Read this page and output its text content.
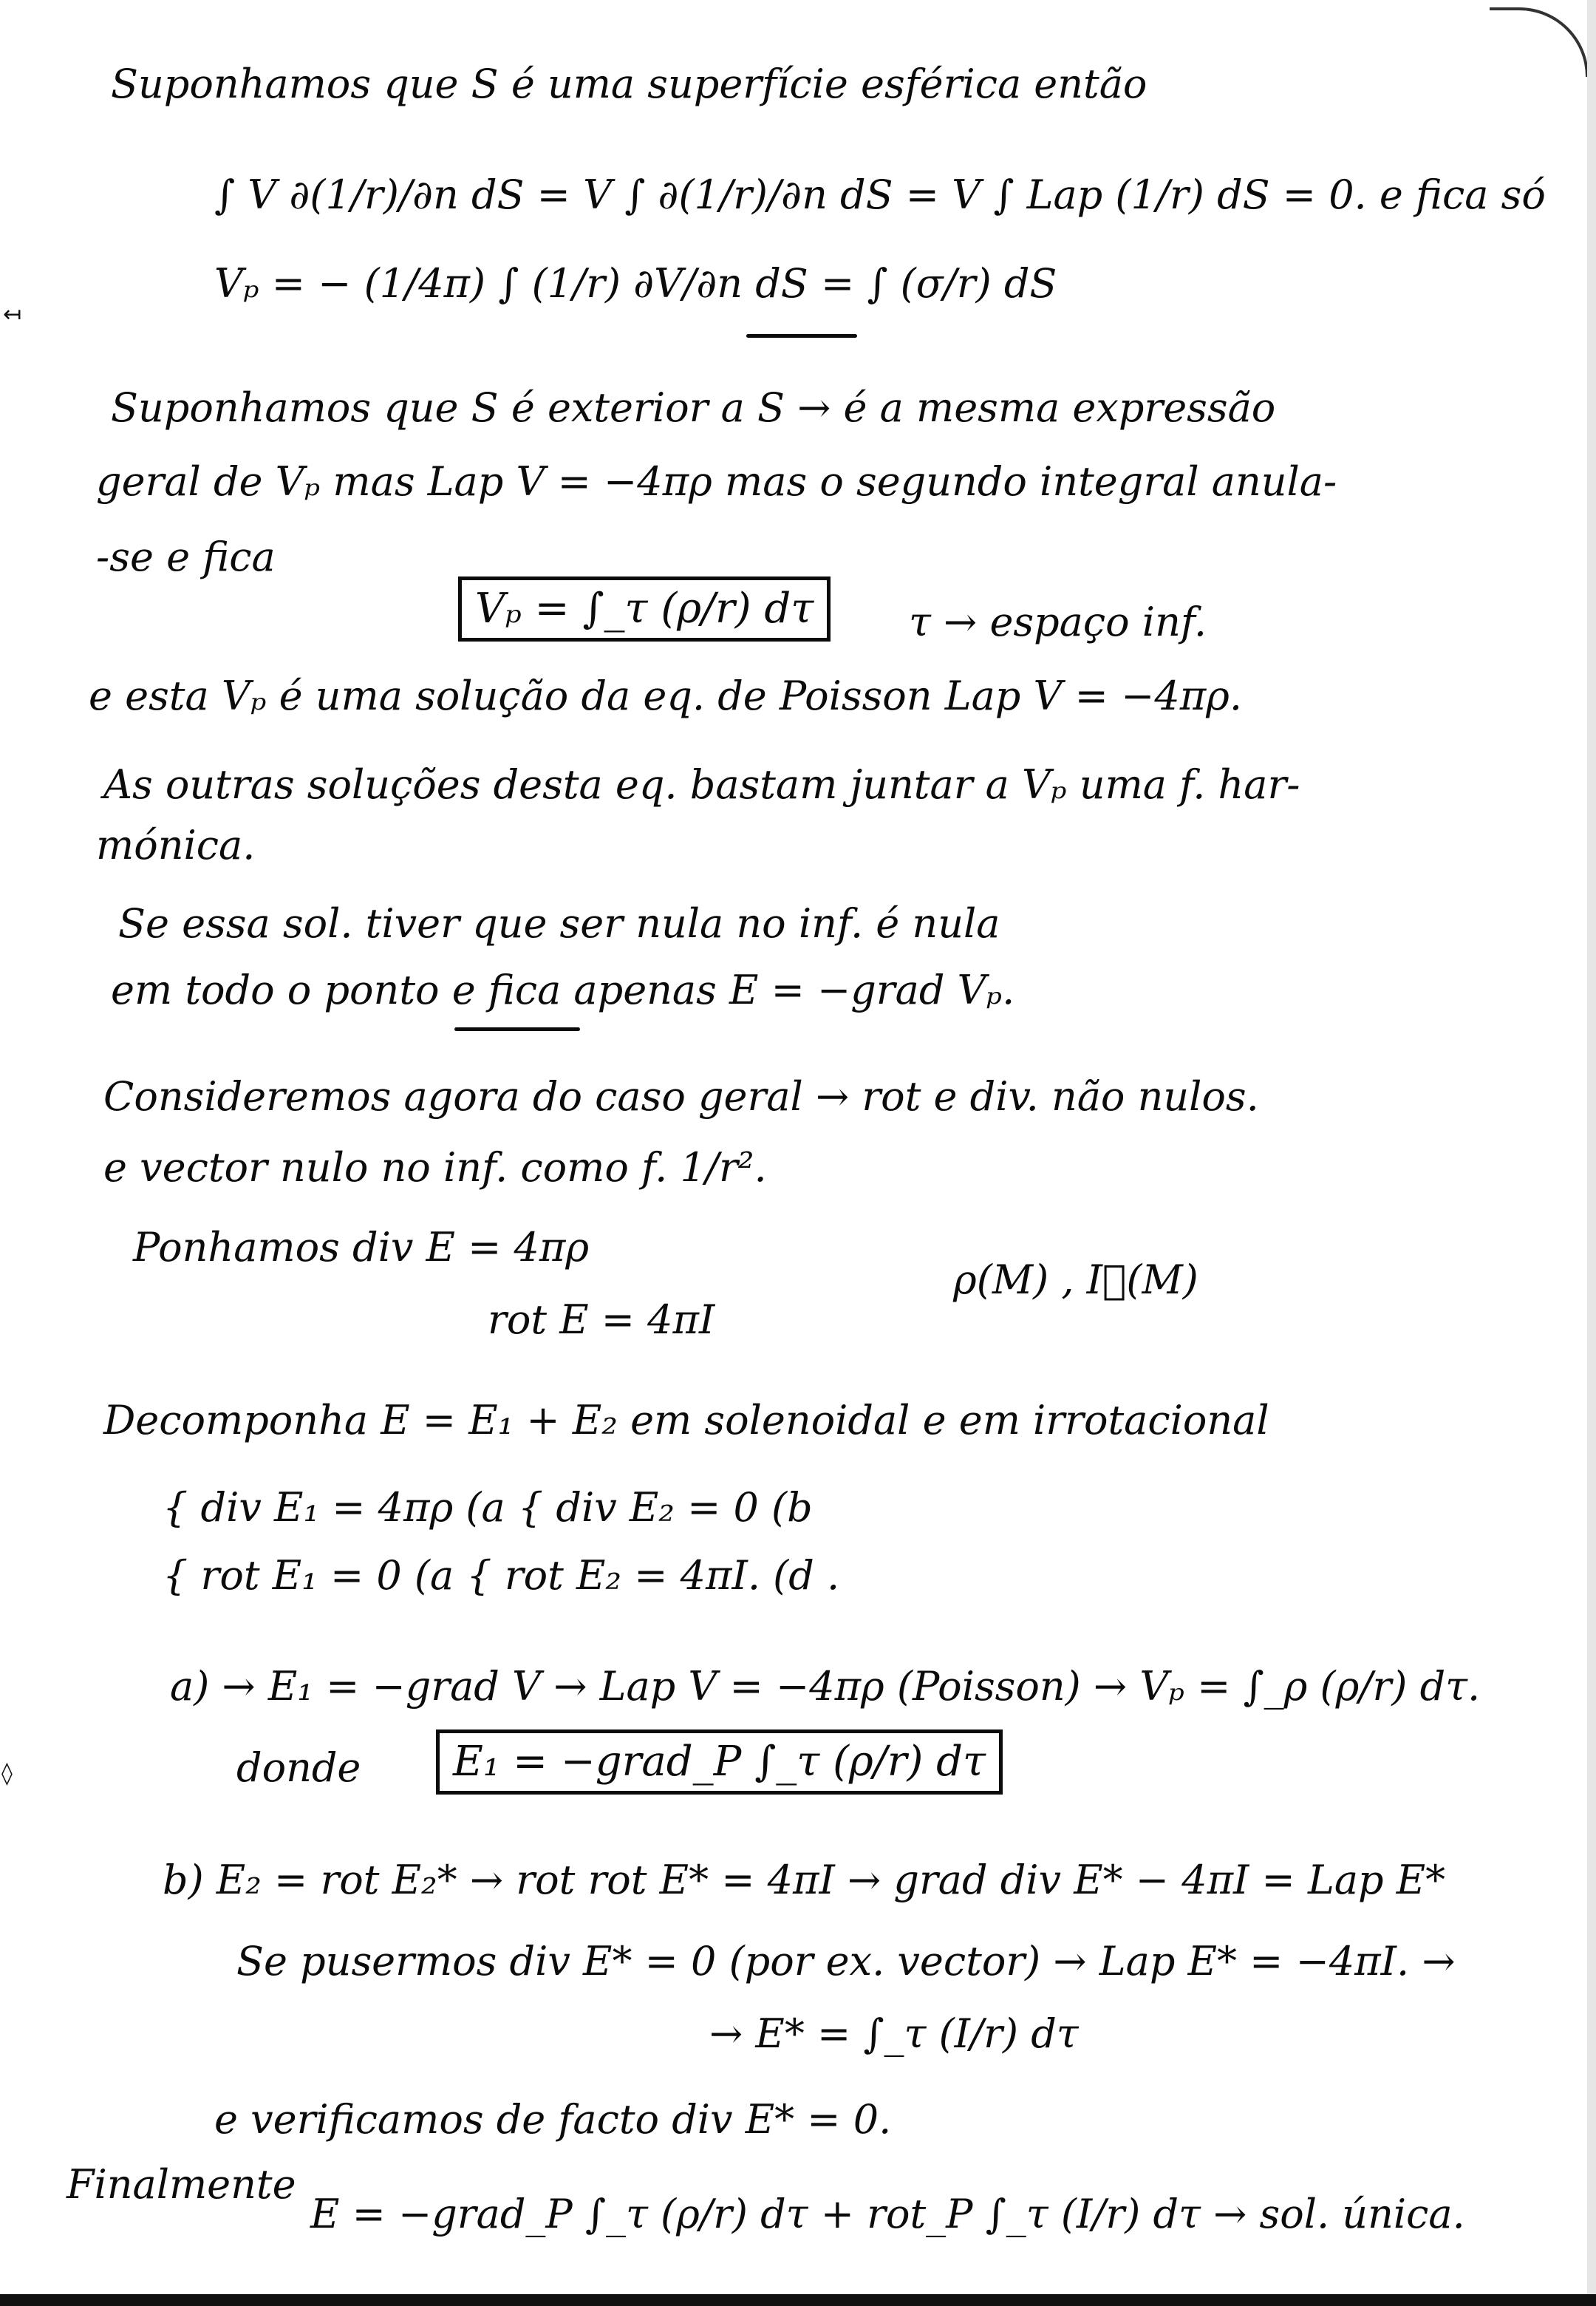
↤
◊
Suponhamos que S é uma superfície esférica então
∫ V ∂(1/r)/∂n dS = V ∫ ∂(1/r)/∂n dS = V ∫ Lap (1/r) dS = 0. e fica só
Vₚ = − (1/4π) ∫ (1/r) ∂V/∂n dS = ∫ (σ/r) dS
Suponhamos que S é exterior a S → é a mesma expressão
geral de Vₚ mas Lap V = −4πρ mas o segundo integral anula-
-se e fica
Vₚ = ∫_τ (ρ/r) dτ	τ → espaço inf.
e esta Vₚ é uma solução da eq. de Poisson Lap V = −4πρ.
As outras soluções desta eq. bastam juntar a Vₚ uma f. har-
mónica.
Se essa sol. tiver que ser nula no inf. é nula
em todo o ponto e fica apenas E = −grad Vₚ.
Consideremos agora do caso geral → rot e div. não nulos.
e vector nulo no inf. como f. 1/r².
Ponhamos div E = 4πρ
ρ(M) , I⃗(M)
rot E = 4πI
Decomponha E = E₁ + E₂ em solenoidal e em irrotacional
{ div E₁ = 4πρ (a { div E₂ = 0 (b
{ rot E₁ = 0 (a { rot E₂ = 4πI. (d .
a) → E₁ = −grad V → Lap V = −4πρ (Poisson) → Vₚ = ∫_ρ (ρ/r) dτ.
donde	E₁ = −grad_P ∫_τ (ρ/r) dτ
b) E₂ = rot E₂* → rot rot E* = 4πI → grad div E* − 4πI = Lap E*
Se pusermos div E* = 0 (por ex. vector) → Lap E* = −4πI. →
→ E* = ∫_τ (I/r) dτ
e verificamos de facto div E* = 0.
Finalmente
E = −grad_P ∫_τ (ρ/r) dτ + rot_P ∫_τ (I/r) dτ → sol. única.
